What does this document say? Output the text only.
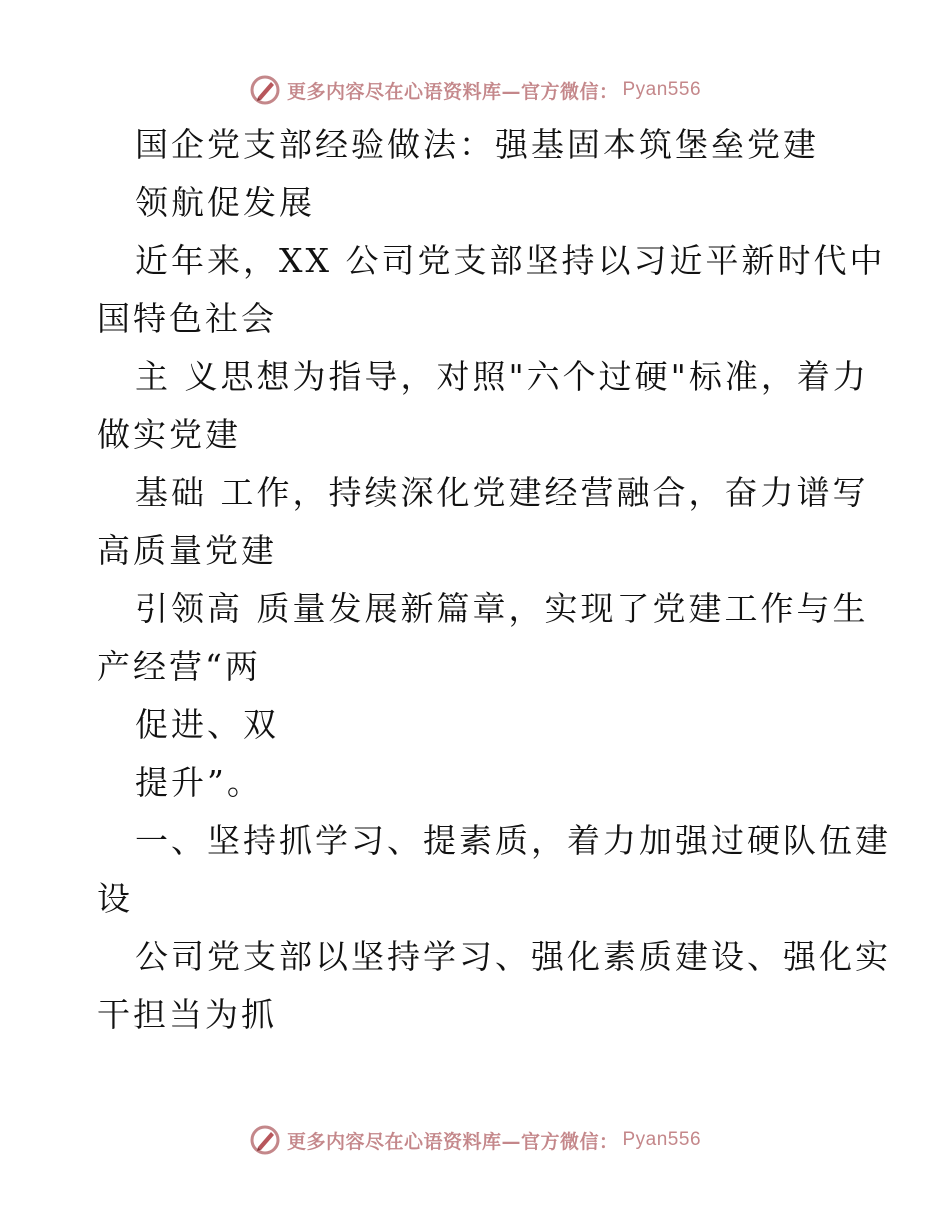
更多内容尽在心语资料库—官方微信： Pyan556
国企党支部经验做法：强基固本筑堡垒党建
领航促发展
近年来，XX 公司党支部坚持以习近平新时代中
国特色社会
主 义思想为指导，对照"六个过硬"标准，着力
做实党建
基础 工作，持续深化党建经营融合，奋力谱写
高质量党建
引领高 质量发展新篇章，实现了党建工作与生
产经营“两
促进、双
提升”。
一、坚持抓学习、提素质，着力加强过硬队伍建
设
公司党支部以坚持学习、强化素质建设、强化实
干担当为抓
更多内容尽在心语资料库—官方微信： Pyan556
